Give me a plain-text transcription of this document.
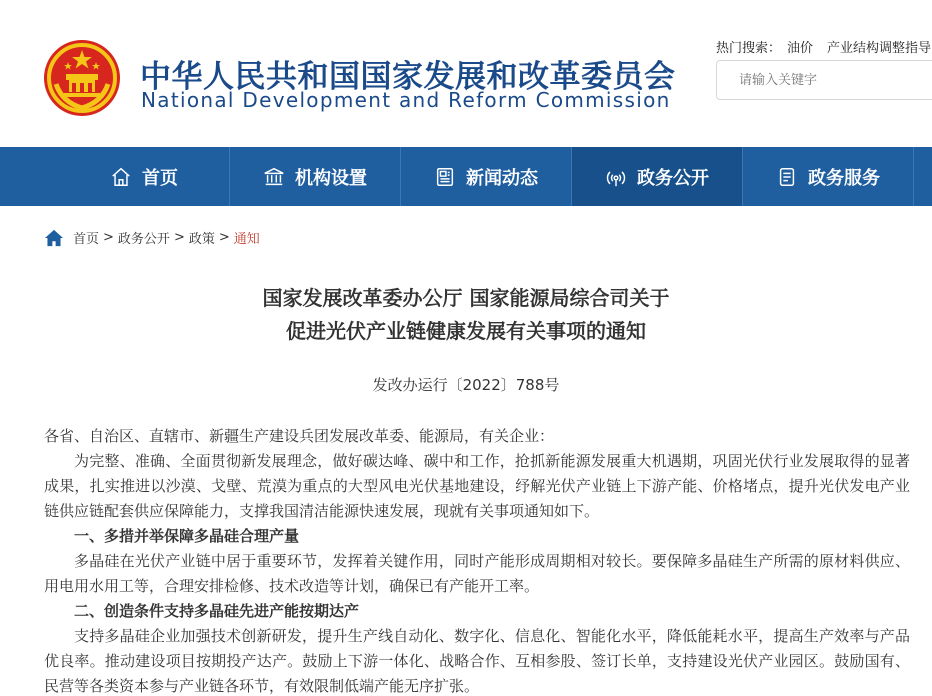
中华人民共和国国家发展和改革委员会
National Development and Reform Commission
热门搜索： 油价 产业结构调整指导
请输入关键字
首页	机构设置	新闻动态	政务公开	政务服务
首页 > 政务公开 > 政策 > 通知
国家发展改革委办公厅 国家能源局综合司关于
促进光伏产业链健康发展有关事项的通知
发改办运行〔2022〕788号

各省、自治区、直辖市、新疆生产建设兵团发展改革委、能源局，有关企业：

为完整、准确、全面贯彻新发展理念，做好碳达峰、碳中和工作，抢抓新能源发展重大机遇期，巩固光伏行业发展取得的显著成果，扎实推进以沙漠、戈壁、荒漠为重点的大型风电光伏基地建设，纾解光伏产业链上下游产能、价格堵点，提升光伏发电产业链供应链配套供应保障能力，支撑我国清洁能源快速发展，现就有关事项通知如下。

一、多措并举保障多晶硅合理产量

多晶硅在光伏产业链中居于重要环节，发挥着关键作用，同时产能形成周期相对较长。要保障多晶硅生产所需的原材料供应、用电用水用工等，合理安排检修、技术改造等计划，确保已有产能开工率。

二、创造条件支持多晶硅先进产能按期达产

支持多晶硅企业加强技术创新研发，提升生产线自动化、数字化、信息化、智能化水平，降低能耗水平，提高生产效率与产品优良率。推动建设项目按期投产达产。鼓励上下游一体化、战略合作、互相参股、签订长单，支持建设光伏产业园区。鼓励国有、民营等各类资本参与产业链各环节，有效限制低端产能无序扩张。
